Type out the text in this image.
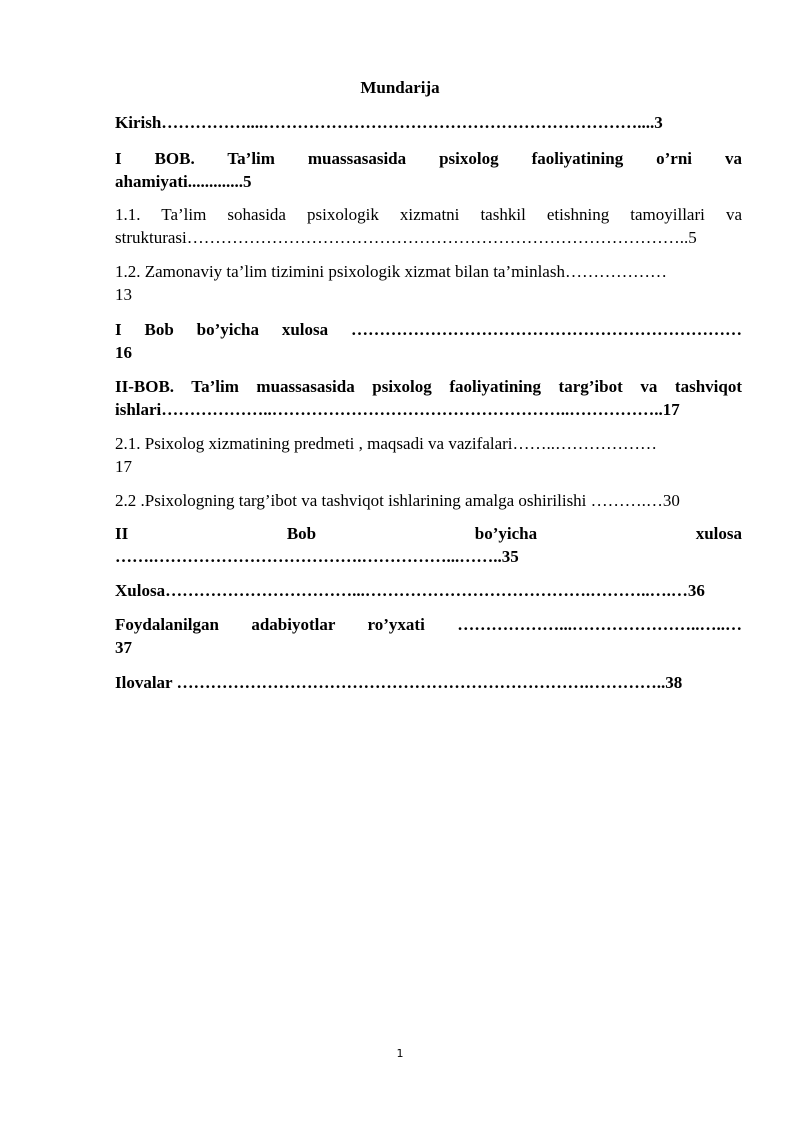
Mundarija
Kirish……………....…………………………………………………………....3
I BOB. Ta’lim muassasasida psixolog faoliyatining o’rni va
ahamiyati.............5
1.1. Ta’lim sohasida psixologik xizmatni tashkil etishning tamoyillari va
strukturasi……………………………………………………………………………..5
1.2. Zamonaviy ta’lim tizimini psixologik xizmat bilan ta’minlash………………
13
I Bob bo’yicha xulosa ……………………………………………………………
16
II-BOB. Ta’lim muassasasida psixolog faoliyatining targ’ibot va tashviqot
ishlari………………..……………………………………………..……………..17
2.1. Psixolog xizmatining predmeti , maqsadi va vazifalari……..………………
17
2.2 .Psixologning targ’ibot va tashviqot ishlarining amalga oshirilishi ……….…30
II Bob bo’yicha xulosa
…….……………………………….……………...……..35
Xulosa……………………………...………………………………….………..….…36
Foydalanilgan adabiyotlar ro’yxati ………………...…………………..…..…
37
Ilovalar ……………………………………………………………….…………..38
1
